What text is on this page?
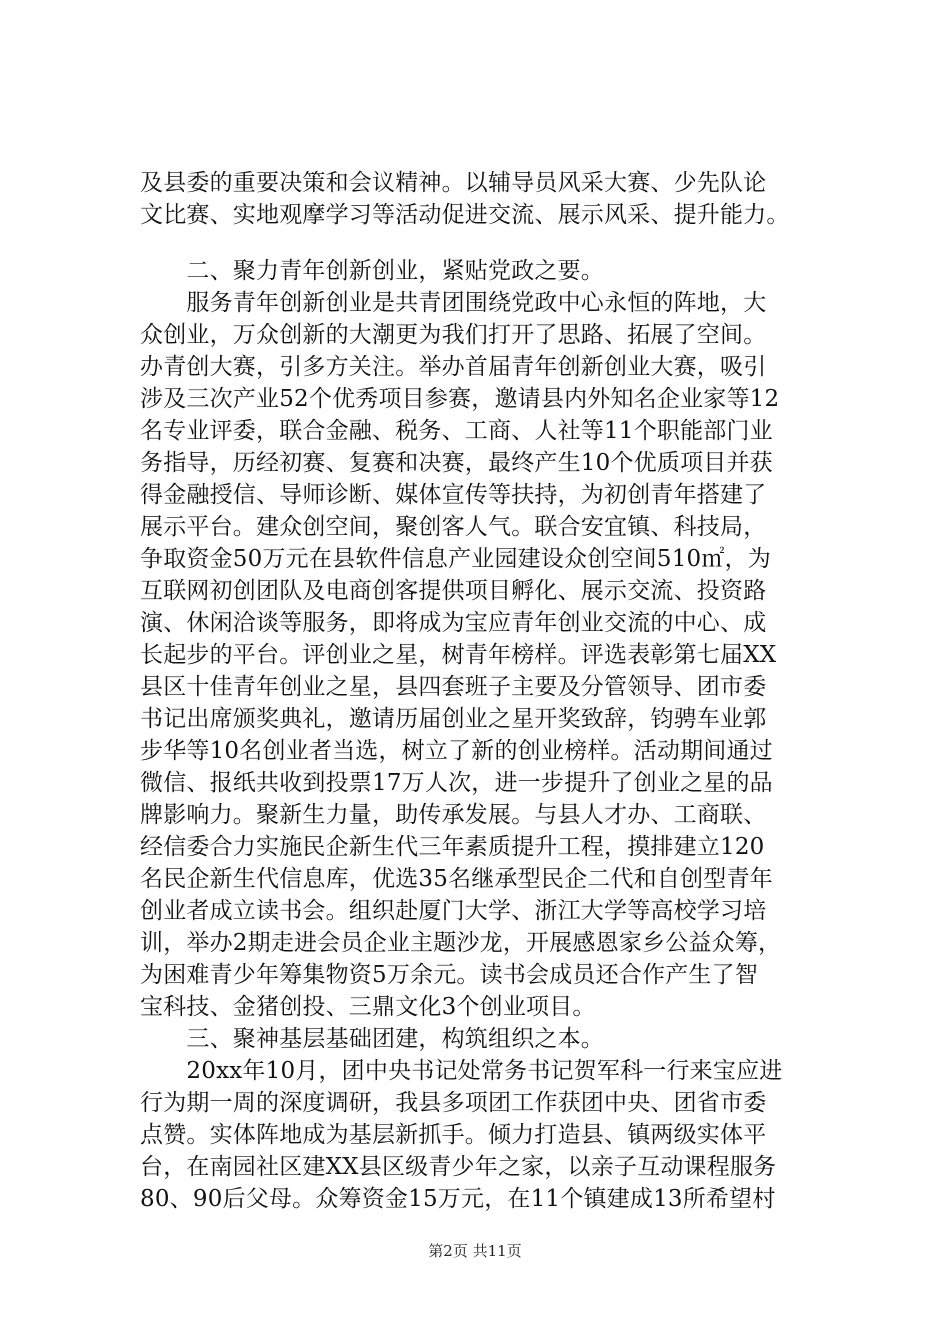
及县委的重要决策和会议精神。以辅导员风采大赛、少先队论
文比赛、实地观摩学习等活动促进交流、展示风采、提升能力。
　　二、聚力青年创新创业，紧贴党政之要。
　　服务青年创新创业是共青团围绕党政中心永恒的阵地，大
众创业，万众创新的大潮更为我们打开了思路、拓展了空间。
办青创大赛，引多方关注。举办首届青年创新创业大赛，吸引
涉及三次产业52个优秀项目参赛，邀请县内外知名企业家等12
名专业评委，联合金融、税务、工商、人社等11个职能部门业
务指导，历经初赛、复赛和决赛，最终产生10个优质项目并获
得金融授信、导师诊断、媒体宣传等扶持，为初创青年搭建了
展示平台。建众创空间，聚创客人气。联合安宜镇、科技局，
争取资金50万元在县软件信息产业园建设众创空间510㎡，为
互联网初创团队及电商创客提供项目孵化、展示交流、投资路
演、休闲洽谈等服务，即将成为宝应青年创业交流的中心、成
长起步的平台。评创业之星，树青年榜样。评选表彰第七届XX
县区十佳青年创业之星，县四套班子主要及分管领导、团市委
书记出席颁奖典礼，邀请历届创业之星开奖致辞，钧骋车业郭
步华等10名创业者当选，树立了新的创业榜样。活动期间通过
微信、报纸共收到投票17万人次，进一步提升了创业之星的品
牌影响力。聚新生力量，助传承发展。与县人才办、工商联、
经信委合力实施民企新生代三年素质提升工程，摸排建立120
名民企新生代信息库，优选35名继承型民企二代和自创型青年
创业者成立读书会。组织赴厦门大学、浙江大学等高校学习培
训，举办2期走进会员企业主题沙龙，开展感恩家乡公益众筹，
为困难青少年筹集物资5万余元。读书会成员还合作产生了智
宝科技、金猪创投、三鼎文化3个创业项目。
　　三、聚神基层基础团建，构筑组织之本。
　　20xx年10月，团中央书记处常务书记贺军科一行来宝应进
行为期一周的深度调研，我县多项团工作获团中央、团省市委
点赞。实体阵地成为基层新抓手。倾力打造县、镇两级实体平
台，在南园社区建XX县区级青少年之家，以亲子互动课程服务
80、90后父母。众筹资金15万元，在11个镇建成13所希望村
第2页 共11页
